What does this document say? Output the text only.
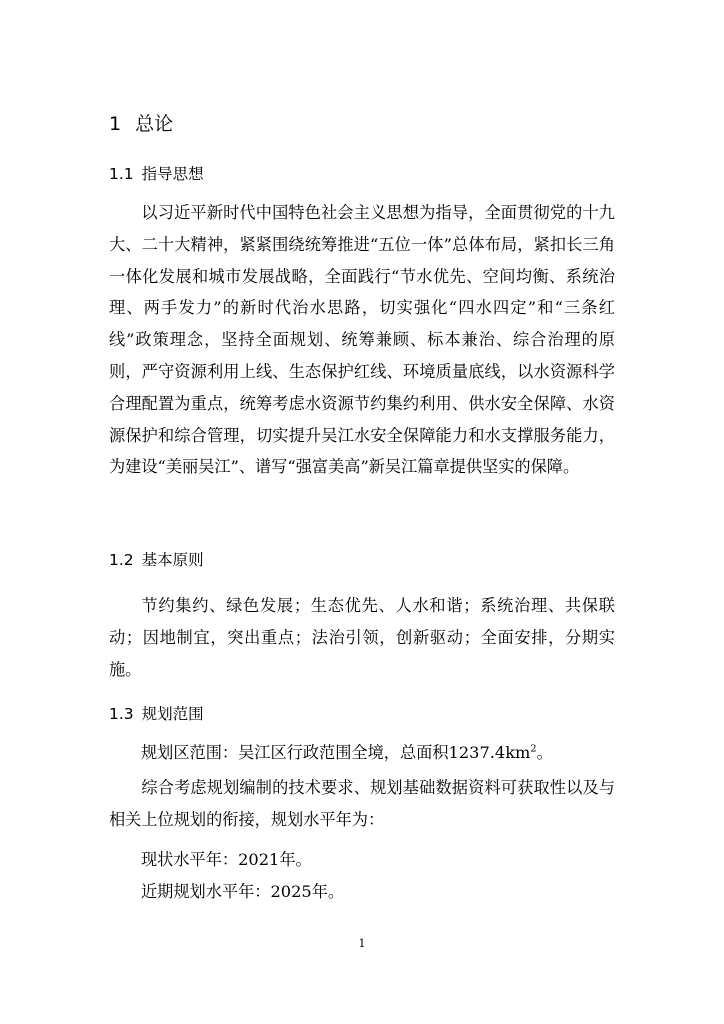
1 总论
1.1 指导思想

以习近平新时代中国特色社会主义思想为指导，全面贯彻党的十九大、二十大精神，紧紧围绕统筹推进“五位一体”总体布局，紧扣长三角一体化发展和城市发展战略，全面践行“节水优先、空间均衡、系统治理、两手发力”的新时代治水思路，切实强化“四水四定”和“三条红线”政策理念，坚持全面规划、统筹兼顾、标本兼治、综合治理的原则，严守资源利用上线、生态保护红线、环境质量底线，以水资源科学合理配置为重点，统筹考虑水资源节约集约利用、供水安全保障、水资源保护和综合管理，切实提升吴江水安全保障能力和水支撑服务能力，为建设“美丽吴江”、谱写“强富美高”新吴江篇章提供坚实的保障。

1.2 基本原则

节约集约、绿色发展；生态优先、人水和谐；系统治理、共保联动；因地制宜，突出重点；法治引领，创新驱动；全面安排，分期实施。

1.3 规划范围
规划区范围：吴江区行政范围全境，总面积$1237.4km^2$。

综合考虑规划编制的技术要求、规划基础数据资料可获取性以及与相关上位规划的衔接，规划水平年为：

现状水平年：2021年。
近期规划水平年：2025年。
1
